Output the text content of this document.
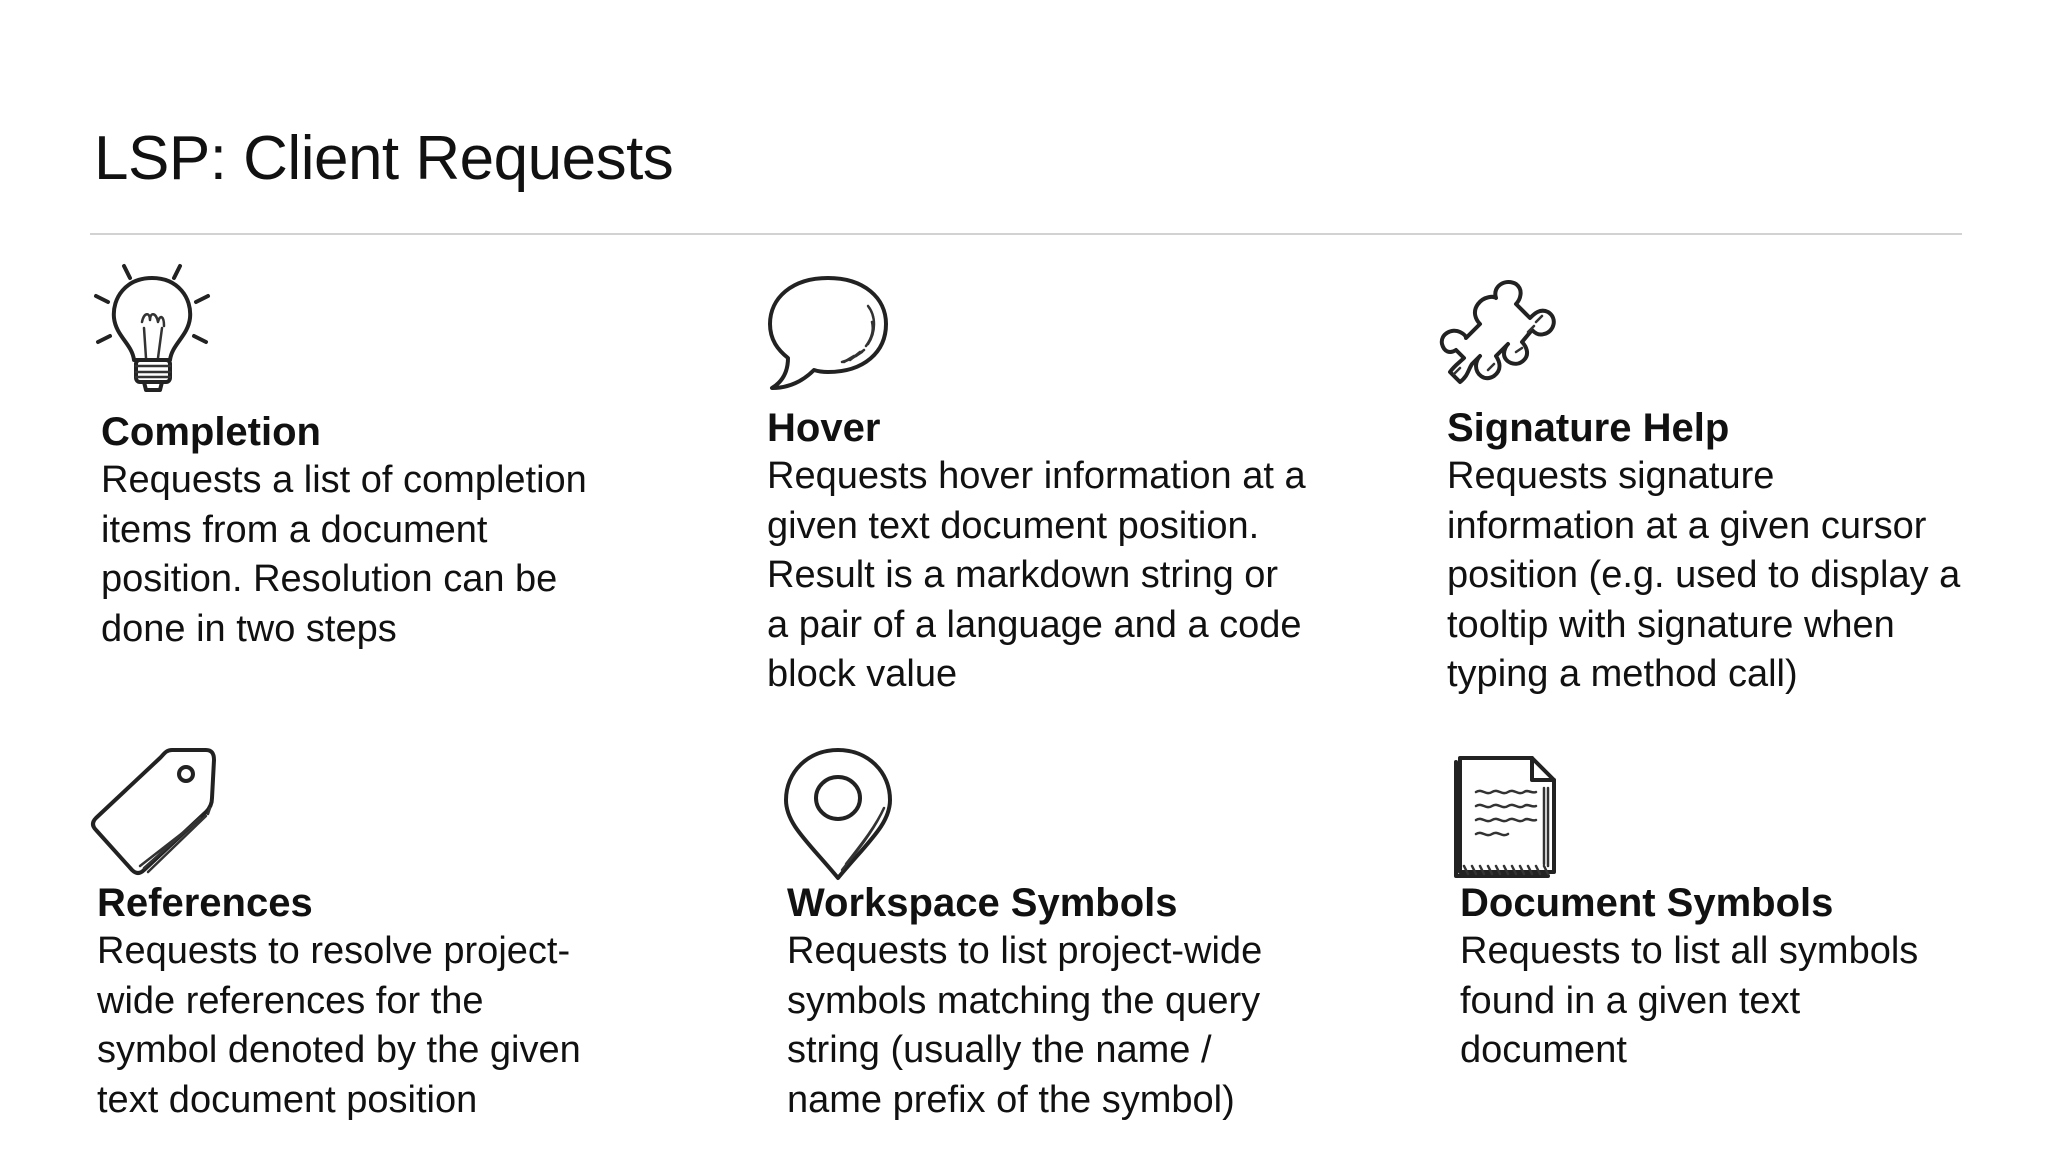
LSP: Client Requests
Completion

Requests a list of completion
items from a document
position. Resolution can be
done in two steps

Hover

Requests hover information at a
given text document position.
Result is a markdown string or
a pair of a language and a code
block value

Signature Help

Requests signature
information at a given cursor
position (e.g. used to display a
tooltip with signature when
typing a method call)

References

Requests to resolve project-
wide references for the
symbol denoted by the given
text document position

Workspace Symbols

Requests to list project-wide
symbols matching the query
string (usually the name /
name prefix of the symbol)

Document Symbols

Requests to list all symbols
found in a given text
document
